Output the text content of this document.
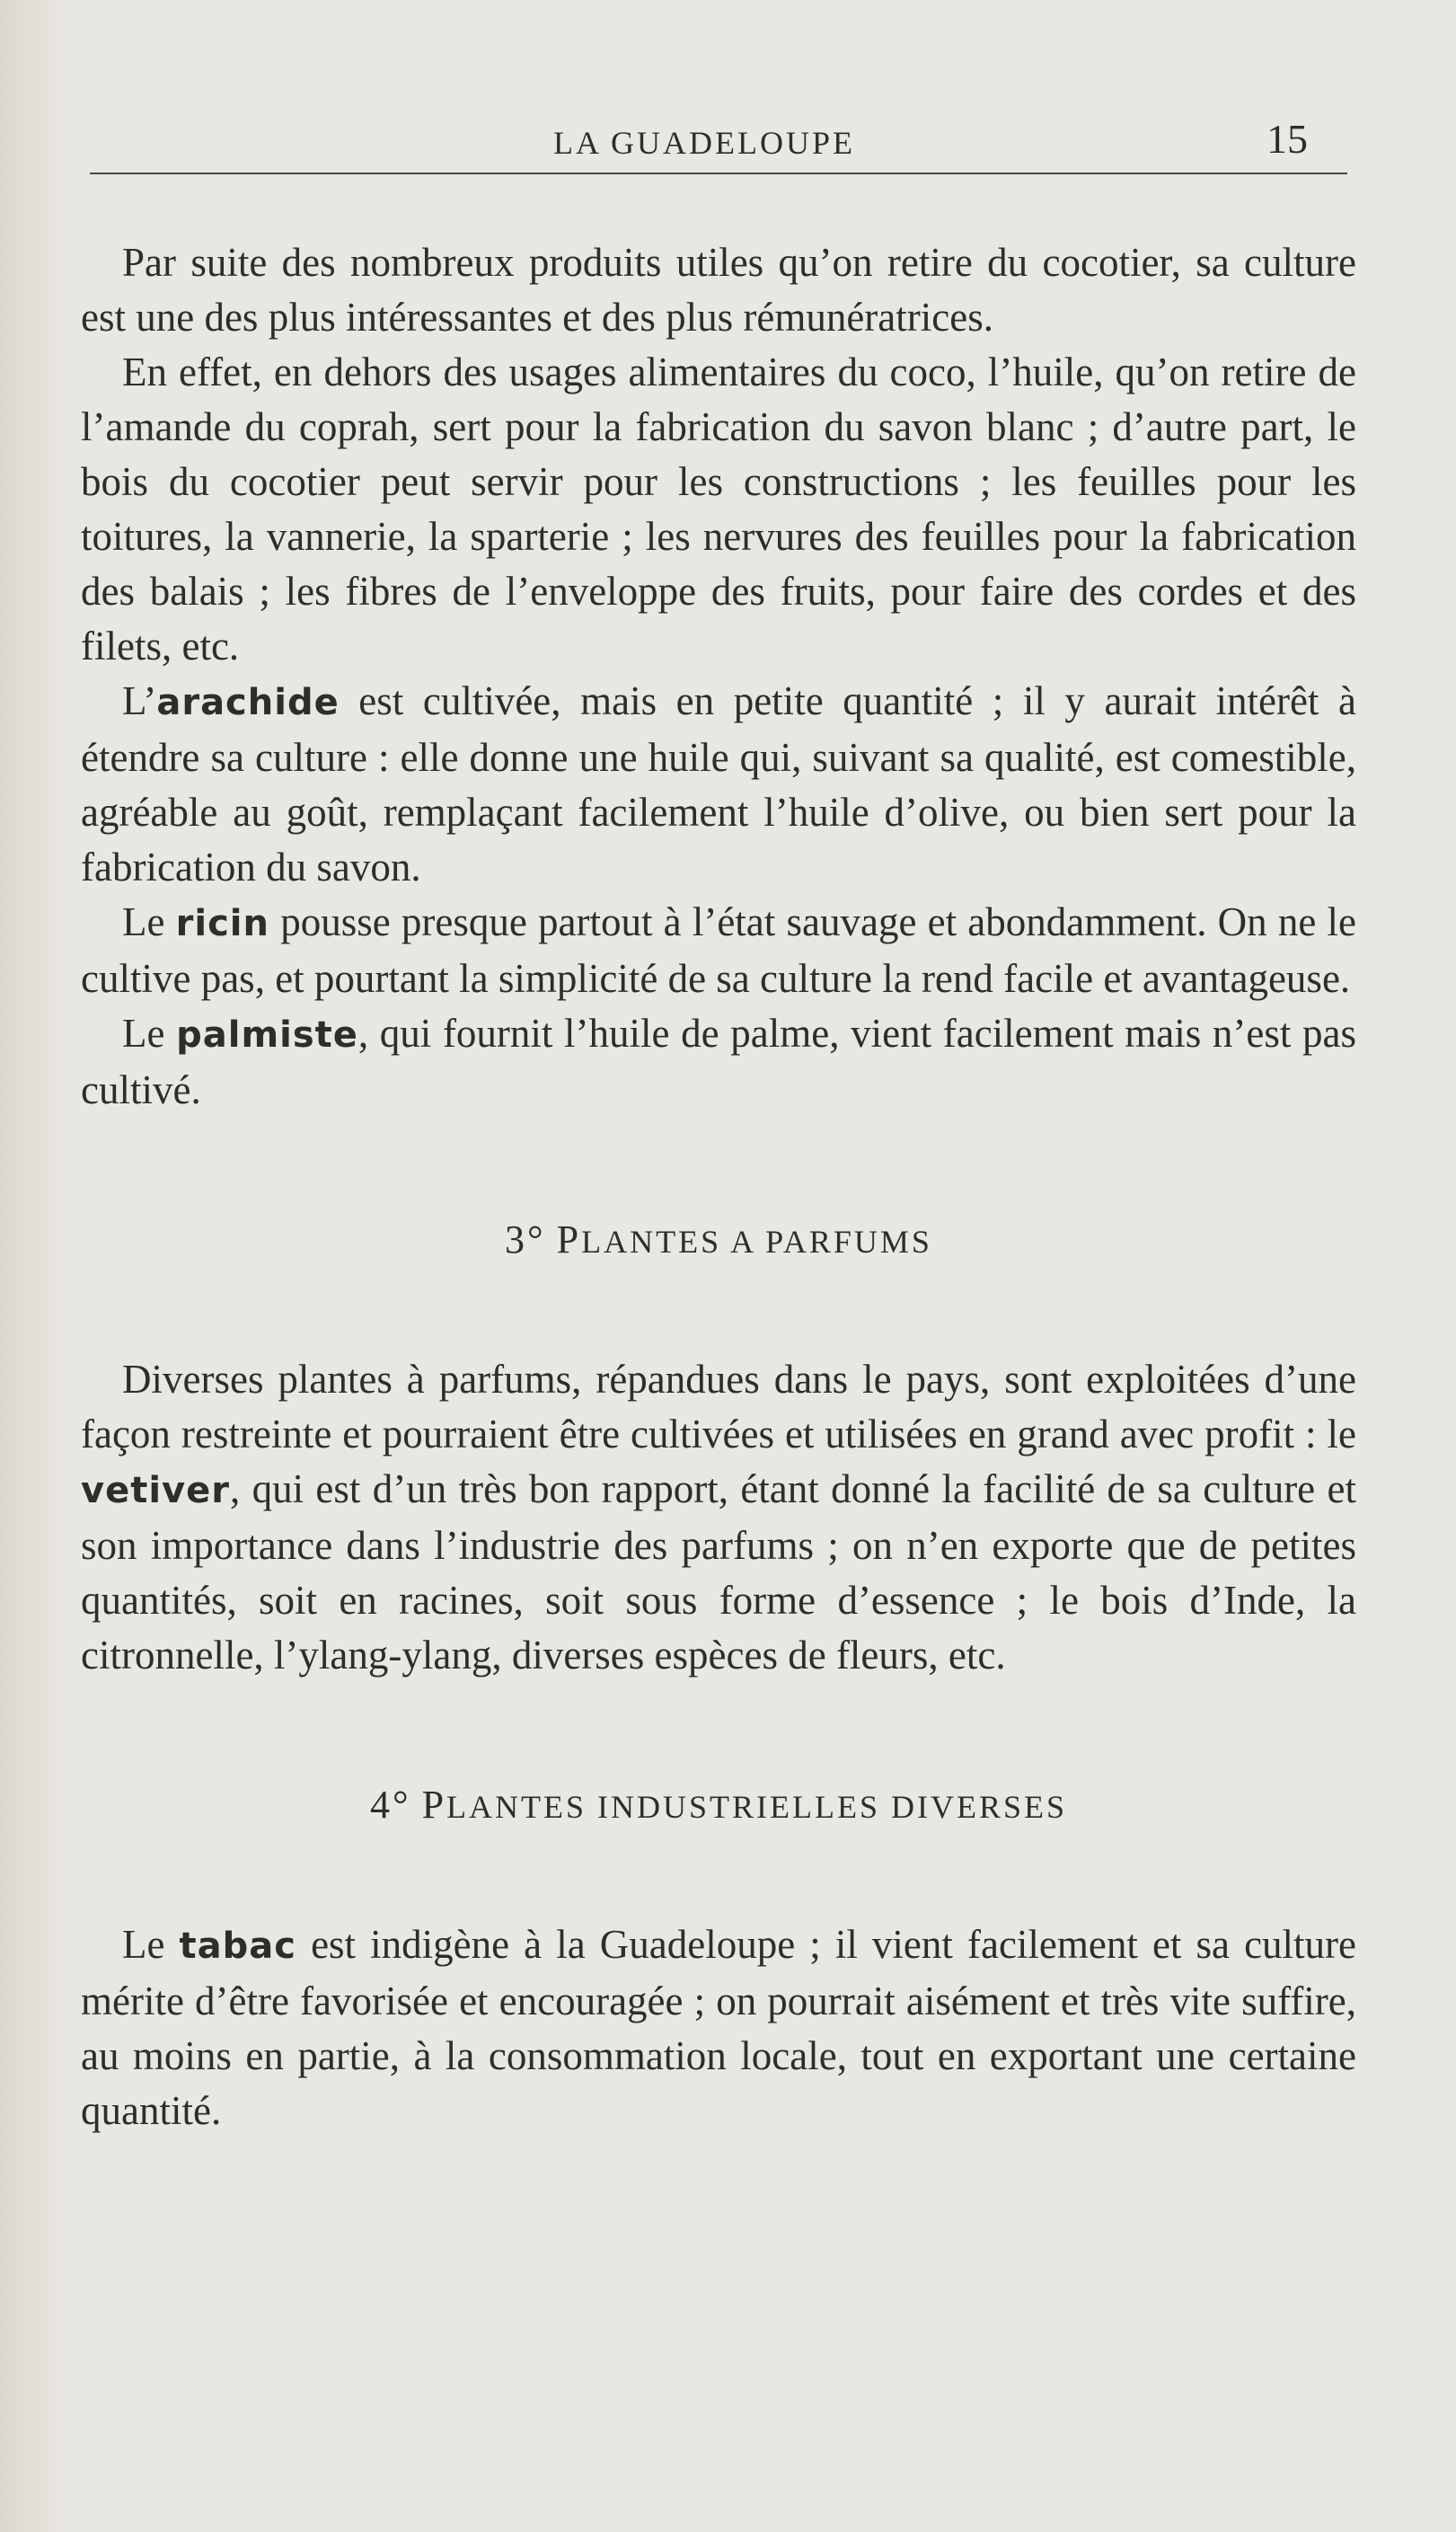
LA GUADELOUPE	15

Par suite des nombreux produits utiles qu’on retire du cocotier, sa culture est une des plus intéressantes et des plus rémunératrices.

En effet, en dehors des usages alimentaires du coco, l’huile, qu’on retire de l’amande du coprah, sert pour la fabrication du savon blanc ; d’autre part, le bois du cocotier peut servir pour les constructions ; les feuilles pour les toitures, la vannerie, la sparterie ; les nervures des feuilles pour la fabrication des balais ; les fibres de l’enveloppe des fruits, pour faire des cordes et des filets, etc.

L’arachide est cultivée, mais en petite quantité ; il y aurait intérêt à étendre sa culture : elle donne une huile qui, suivant sa qualité, est comestible, agréable au goût, remplaçant facilement l’huile d’olive, ou bien sert pour la fabrication du savon.

Le ricin pousse presque partout à l’état sauvage et abondamment. On ne le cultive pas, et pourtant la simplicité de sa culture la rend facile et avantageuse.

Le palmiste, qui fournit l’huile de palme, vient facilement mais n’est pas cultivé.

3° PLANTES A PARFUMS

Diverses plantes à parfums, répandues dans le pays, sont exploitées d’une façon restreinte et pourraient être cultivées et utilisées en grand avec profit : le vetiver, qui est d’un très bon rapport, étant donné la facilité de sa culture et son importance dans l’industrie des parfums ; on n’en exporte que de petites quantités, soit en racines, soit sous forme d’essence ; le bois d’Inde, la citronnelle, l’ylang-ylang, diverses espèces de fleurs, etc.

4° PLANTES INDUSTRIELLES DIVERSES

Le tabac est indigène à la Guadeloupe ; il vient facilement et sa culture mérite d’être favorisée et encouragée ; on pourrait aisément et très vite suffire, au moins en partie, à la consommation locale, tout en exportant une certaine quantité.
